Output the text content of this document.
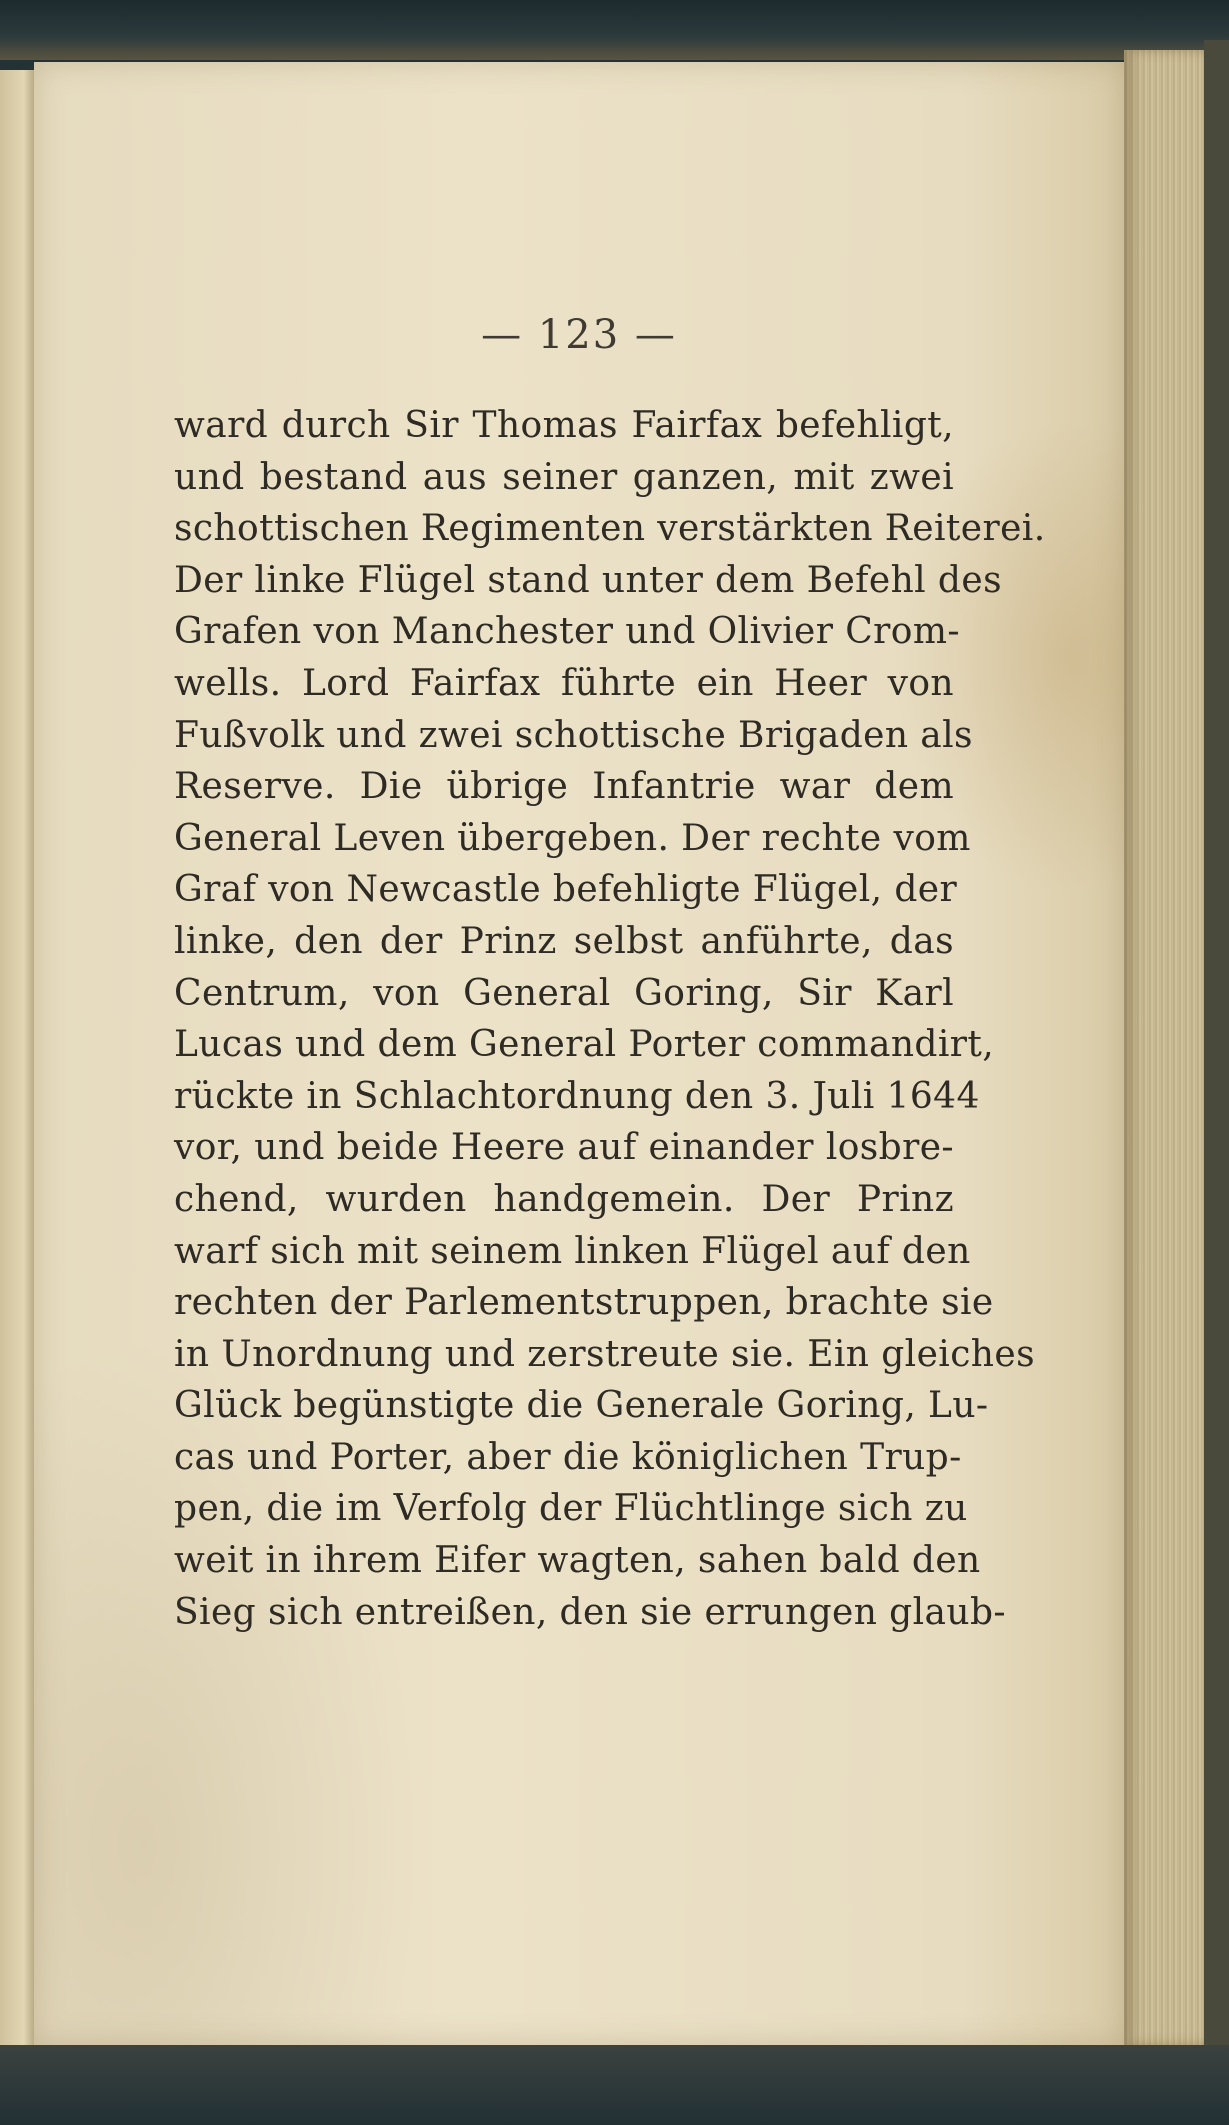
— 123 —
ward durch Sir Thomas Fairfax befehligt,
und bestand aus seiner ganzen, mit zwei
schottischen Regimenten verstärkten Reiterei.
Der linke Flügel stand unter dem Befehl des
Grafen von Manchester und Olivier Crom-
wells. Lord Fairfax führte ein Heer von
Fußvolk und zwei schottische Brigaden als
Reserve. Die übrige Infantrie war dem
General Leven übergeben. Der rechte vom
Graf von Newcastle befehligte Flügel, der
linke, den der Prinz selbst anführte, das
Centrum, von General Goring, Sir Karl
Lucas und dem General Porter commandirt,
rückte in Schlachtordnung den 3. Juli 1644
vor, und beide Heere auf einander losbre-
chend, wurden handgemein. Der Prinz
warf sich mit seinem linken Flügel auf den
rechten der Parlementstruppen, brachte sie
in Unordnung und zerstreute sie. Ein gleiches
Glück begünstigte die Generale Goring, Lu-
cas und Porter, aber die königlichen Trup-
pen, die im Verfolg der Flüchtlinge sich zu
weit in ihrem Eifer wagten, sahen bald den
Sieg sich entreißen, den sie errungen glaub-
